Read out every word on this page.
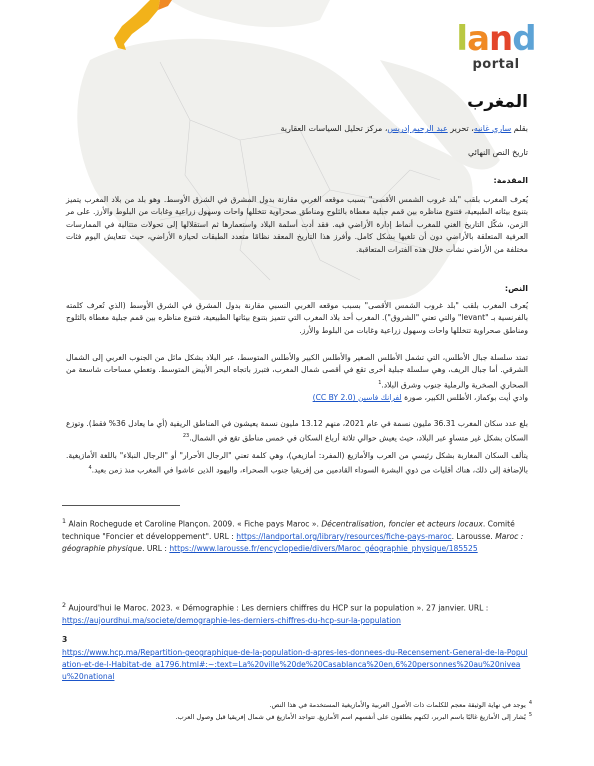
land
portal
المغرب
بقلم ساري غانيه، تحرير عبد الرحيم إدريس، مركز تحليل السياسات العقارية
تاريخ النص النهائي
المقدمة:

يُعرف المغرب بلقب "بلد غروب الشمس الأقصى" بسبب موقعه الغربي مقارنة بدول المشرق في الشرق الأوسط. وهو بلد من بلاد المغرب يتميز بتنوع بيئاته الطبيعية، فتنوع مناظره بين قمم جبلية مغطاة بالثلوج ومناطق صحراوية تتخللها واحات وسهول زراعية وغابات من البلوط والأرز. على مر الزمن، شكّل التاريخ الغني للمغرب أنماط إدارة الأراضي فيه. فقد أدت أسلمة البلاد واستعمارها ثم استقلالها إلى تحولات متتالية في الممارسات العرفية المتعلقة بالأراضي دون أن تلغيها بشكل كامل. وأفرز هذا التاريخ المعقد نظامًا متعدد الطبقات لحيازة الأراضي، حيث تتعايش اليوم فئات مختلفة من الأراضي نشأت خلال هذه الفترات المتعاقبة.

النص:

يُعرف المغرب بلقب "بلد غروب الشمس الأقصى" بسبب موقعه الغربي النسبي مقارنة بدول المشرق في الشرق الأوسط (الذي تُعرف كلمته بالفرنسية بـ "levant" والتي تعني "الشروق"). المغرب أحد بلاد المغرب التي تتميز بتنوع بيئاتها الطبيعية، فتنوع مناظره بين قمم جبلية مغطاة بالثلوج ومناطق صحراوية تتخللها واحات وسهول زراعية وغابات من البلوط والأرز.

تمتد سلسلة جبال الأطلس، التي تشمل الأطلس الصغير والأطلس الكبير والأطلس المتوسط، عبر البلاد بشكل مائل من الجنوب الغربي إلى الشمال الشرقي. أما جبال الريف، وهي سلسلة جبلية أخرى تقع في أقصى شمال المغرب، فتبرز باتجاه البحر الأبيض المتوسط. وتغطي مساحات شاسعة من الصحاري الصخرية والرملية جنوب وشرق البلاد.$^1$

وادي أيت بوكماز، الأطلس الكبير، صورة لفرانك فاسين (CC BY 2.0)

بلغ عدد سكان المغرب 36.31 مليون نسمة في عام 2021، منهم 13.12 مليون نسمة يعيشون في المناطق الريفية (أي ما يعادل 36% فقط). وتوزع السكان بشكل غير متساوٍ عبر البلاد، حيث يعيش حوالي ثلاثة أرباع السكان في خمس مناطق تقع في الشمال.$^{23}$

يتألف السكان المغاربة بشكل رئيسي من العرب والأمازيغ (المفرد: أمازيغي)، وهي كلمة تعني "الرجال الأحرار" أو "الرجال النبلاء" باللغة الأمازيغية. بالإضافة إلى ذلك، هناك أقليات من ذوي البشرة السوداء القادمين من إفريقيا جنوب الصحراء، واليهود الذين عاشوا في المغرب منذ زمن بعيد.$^4$

$^1$ Alain Rochegude et Caroline Plançon. 2009. « Fiche pays Maroc ». Décentralisation, foncier et acteurs locaux. Comité technique "Foncier et développement". URL : https://landportal.org/library/resources/fiche-pays-maroc. Larousse. Maroc : géographie physique. URL : https://www.larousse.fr/encyclopedie/divers/Maroc_géographie_physique/185525
$^2$ Aujourd'hui le Maroc. 2023. « Démographie : Les derniers chiffres du HCP sur la population ». 27 janvier. URL : https://aujourdhui.ma/societe/demographie-les-derniers-chiffres-du-hcp-sur-la-population
3
https://www.hcp.ma/Repartition-geographique-de-la-population-d-apres-les-donnees-du-Recensement-General-de-la-Population-et-de-l-Habitat-de_a1796.html#:~:text=La%20ville%20de%20Casablanca%20en,6%20personnes%20au%20niveau%20national
$^4$يوجد في نهاية الوثيقة معجم للكلمات ذات الأصول العربية والأمازيغية المستخدمة في هذا النص.
$^5$يُشار إلى الأمازيغ غالبًا باسم البربر، لكنهم يطلقون على أنفسهم اسم الأمازيغ. تتواجد الأمازيغ في شمال إفريقيا قبل وصول العرب.
